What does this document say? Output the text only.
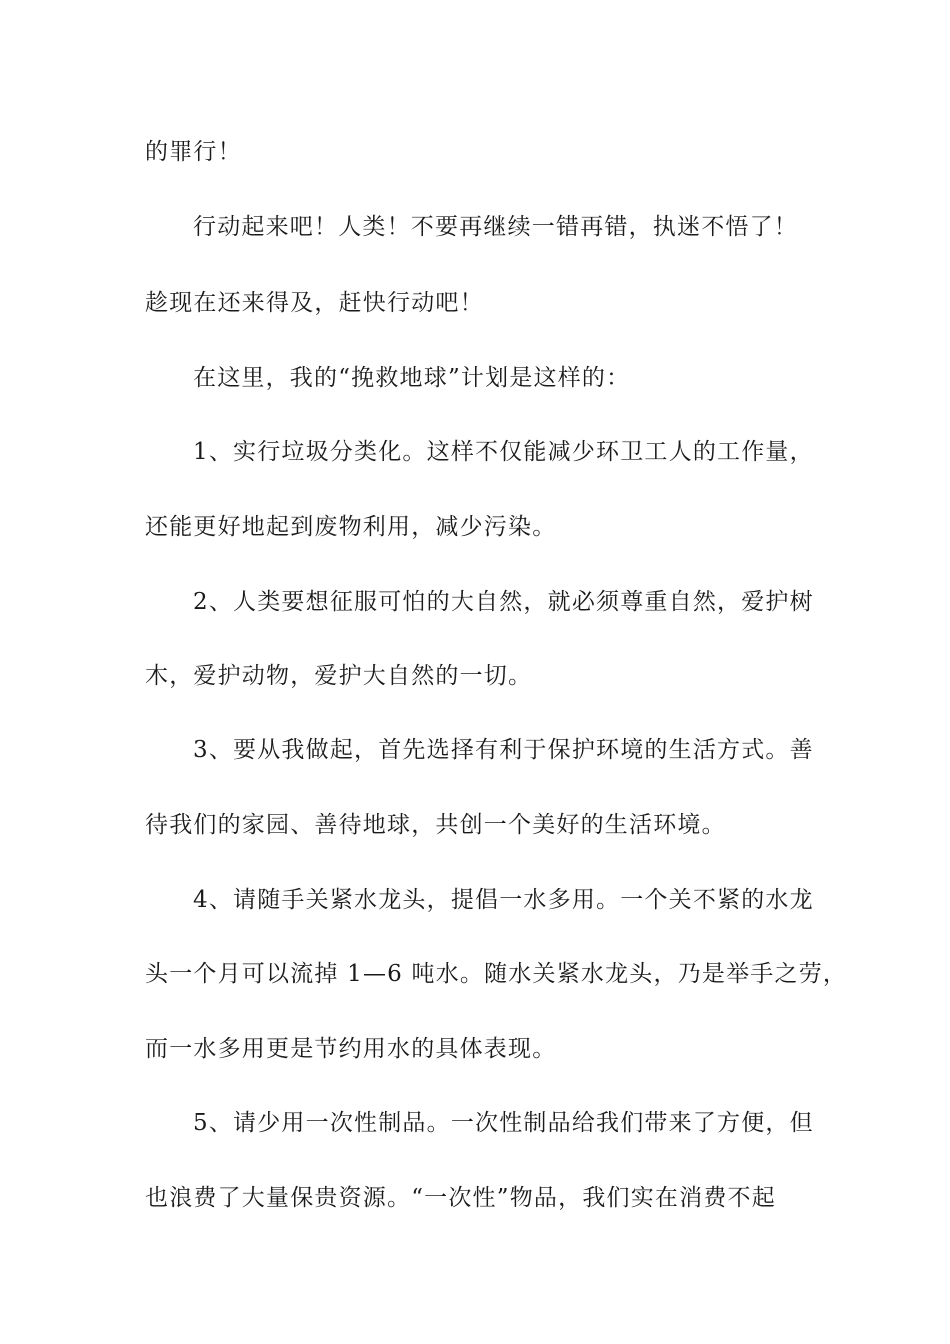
的罪行！
行动起来吧！人类！不要再继续一错再错，执迷不悟了！
趁现在还来得及，赶快行动吧！
在这里，我的“挽救地球”计划是这样的：
1、实行垃圾分类化。这样不仅能减少环卫工人的工作量，
还能更好地起到废物利用，减少污染。
2、人类要想征服可怕的大自然，就必须尊重自然，爱护树
木，爱护动物，爱护大自然的一切。
3、要从我做起，首先选择有利于保护环境的生活方式。善
待我们的家园、善待地球，共创一个美好的生活环境。
4、请随手关紧水龙头，提倡一水多用。一个关不紧的水龙
头一个月可以流掉 1—6 吨水。随水关紧水龙头，乃是举手之劳，
而一水多用更是节约用水的具体表现。
5、请少用一次性制品。一次性制品给我们带来了方便，但
也浪费了大量保贵资源。“一次性”物品，我们实在消费不起
